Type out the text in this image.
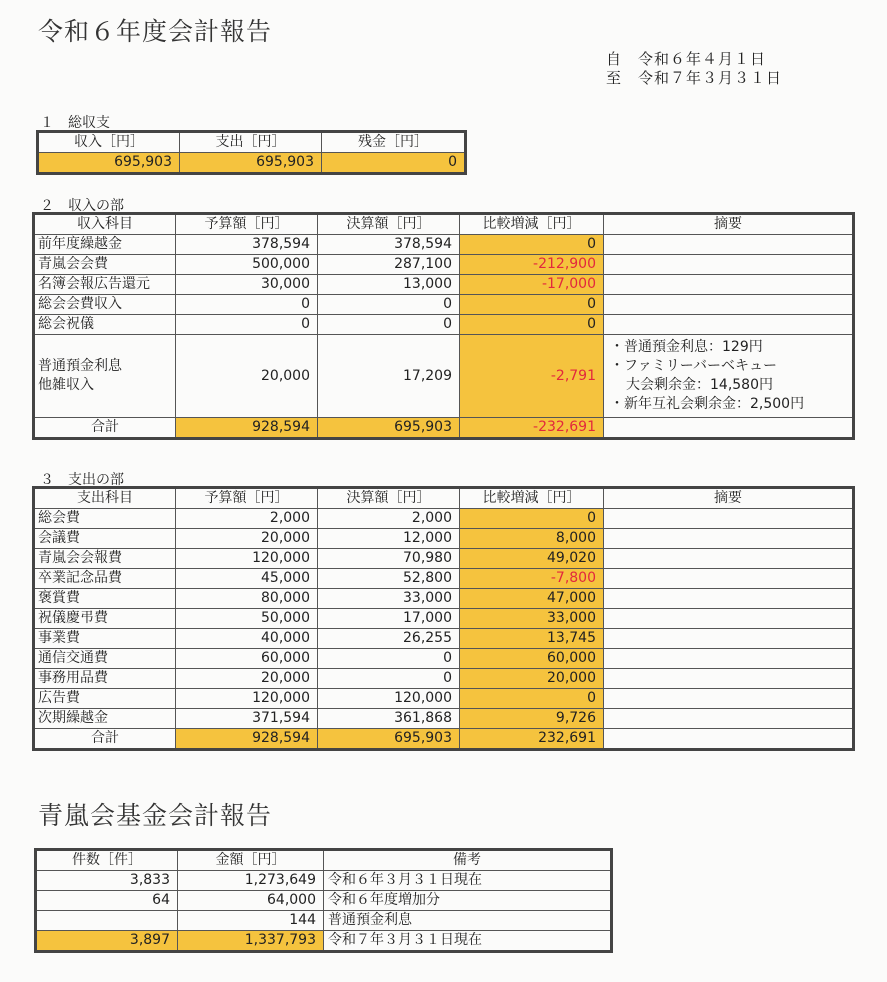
令和６年度会計報告
自　令和６年４月１日
至　令和７年３月３１日
１　総収支
収入［円］	支出［円］	残金［円］
695,903	695,903	0
２　収入の部
収入科目	予算額［円］	決算額［円］	比較増減［円］	摘要
前年度繰越金	378,594	378,594	0	
青嵐会会費	500,000	287,100	-212,900	
名簿会報広告還元	30,000	13,000	-17,000	
総会会費収入	0	0	0	
総会祝儀	0	0	0	

普通預金利息
他雑収入	20,000	17,209	-2,791	・普通預金利息：129円
・ファミリーバーベキュー
大会剰余金：14,580円
・新年互礼会剰余金：2,500円

合計	928,594	695,903	-232,691	
３　支出の部
支出科目	予算額［円］	決算額［円］	比較増減［円］	摘要
総会費	2,000	2,000	0	
会議費	20,000	12,000	8,000	
青嵐会会報費	120,000	70,980	49,020	
卒業記念品費	45,000	52,800	-7,800	
褒賞費	80,000	33,000	47,000	
祝儀慶弔費	50,000	17,000	33,000	
事業費	40,000	26,255	13,745	
通信交通費	60,000	0	60,000	
事務用品費	20,000	0	20,000	
広告費	120,000	120,000	0	
次期繰越金	371,594	361,868	9,726	
合計	928,594	695,903	232,691	
青嵐会基金会計報告
件数［件］	金額［円］	備考
3,833	1,273,649	令和６年３月３１日現在
64	64,000	令和６年度増加分
	144	普通預金利息
3,897	1,337,793	令和７年３月３１日現在
